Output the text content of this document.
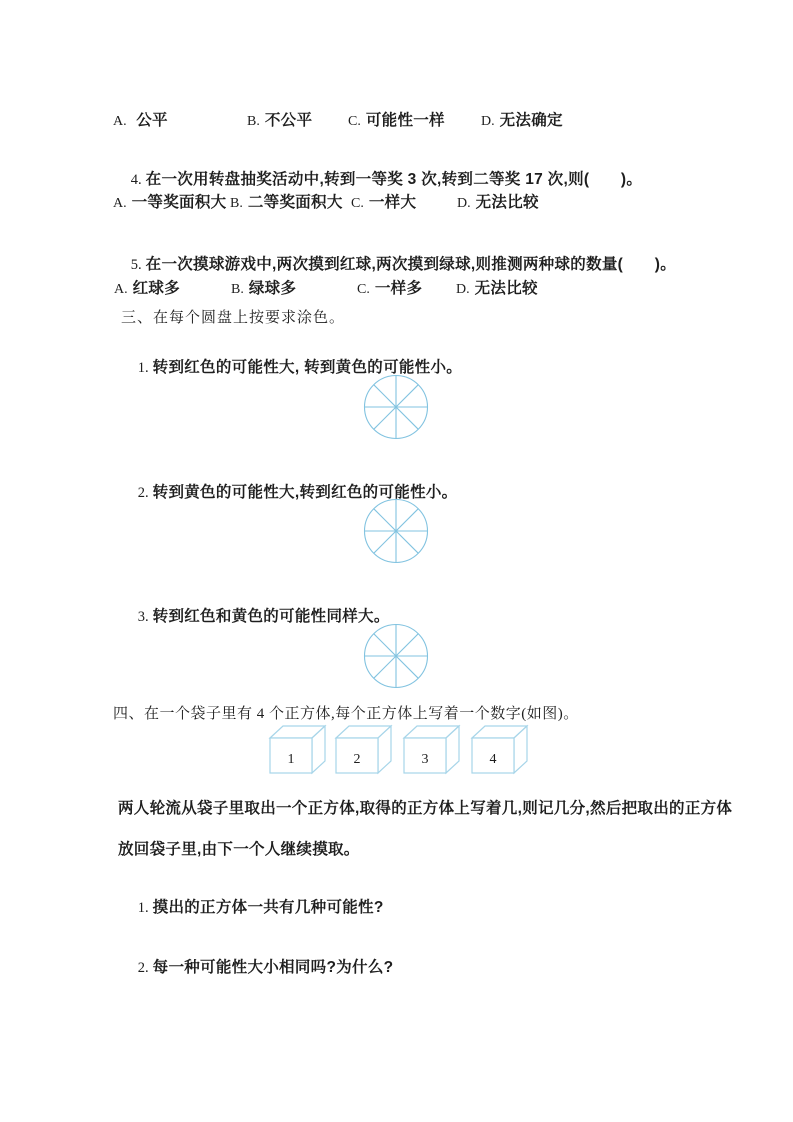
A. 公平

	B. 不公平

	C. 可能性一样

	D. 无法确定

4. 在一次用转盘抽奖活动中,转到一等奖 3 次,转到二等奖 17 次,则(　　)。

A. 一等奖面积大

B. 二等奖面积大

C. 一样大

	D. 无法比较

5. 在一次摸球游戏中,两次摸到红球,两次摸到绿球,则推测两种球的数量(　　)。

A. 红球多

	B. 绿球多

	C. 一样多

D. 无法比较

三、在每个圆盘上按要求涂色。

1. 转到红色的可能性大, 转到黄色的可能性小。

2. 转到黄色的可能性大,转到红色的可能性小。

3. 转到红色和黄色的可能性同样大。

四、在一个袋子里有 4 个正方体,每个正方体上写着一个数字(如图)。
1	2	3	4
两人轮流从袋子里取出一个正方体,取得的正方体上写着几,则记几分,然后把取出的正方体
放回袋子里,由下一个人继续摸取。

1. 摸出的正方体一共有几种可能性?

2. 每一种可能性大小相同吗?为什么?
